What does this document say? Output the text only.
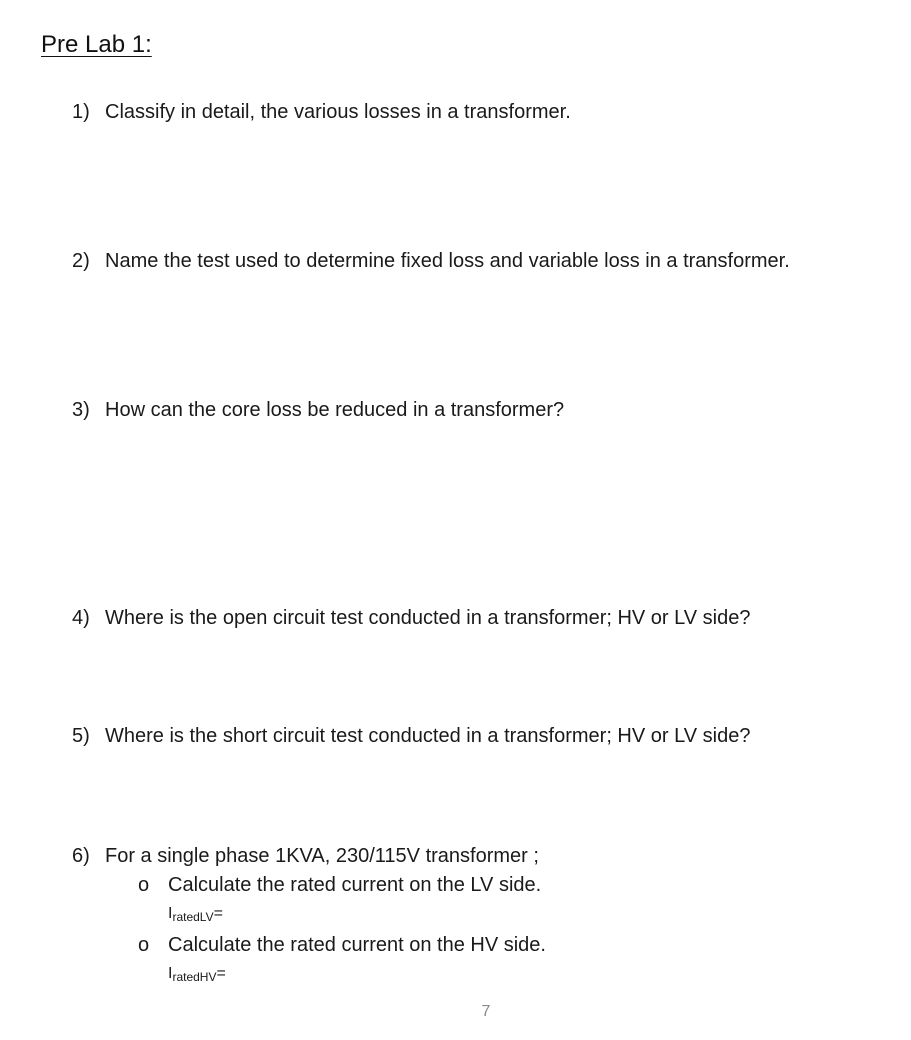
Pre Lab 1:
1) Classify in detail, the various losses in a transformer.
2) Name the test used to determine fixed loss and variable loss in a transformer.
3) How can the core loss be reduced in a transformer?
4) Where is the open circuit test conducted in a transformer; HV or LV side?
5) Where is the short circuit test conducted in a transformer; HV or LV side?
6) For a single phase 1KVA, 230/115V transformer ;
o Calculate the rated current on the LV side.
$I_{ratedLV}=$
o Calculate the rated current on the HV side.
$I_{ratedHV}=$
7
